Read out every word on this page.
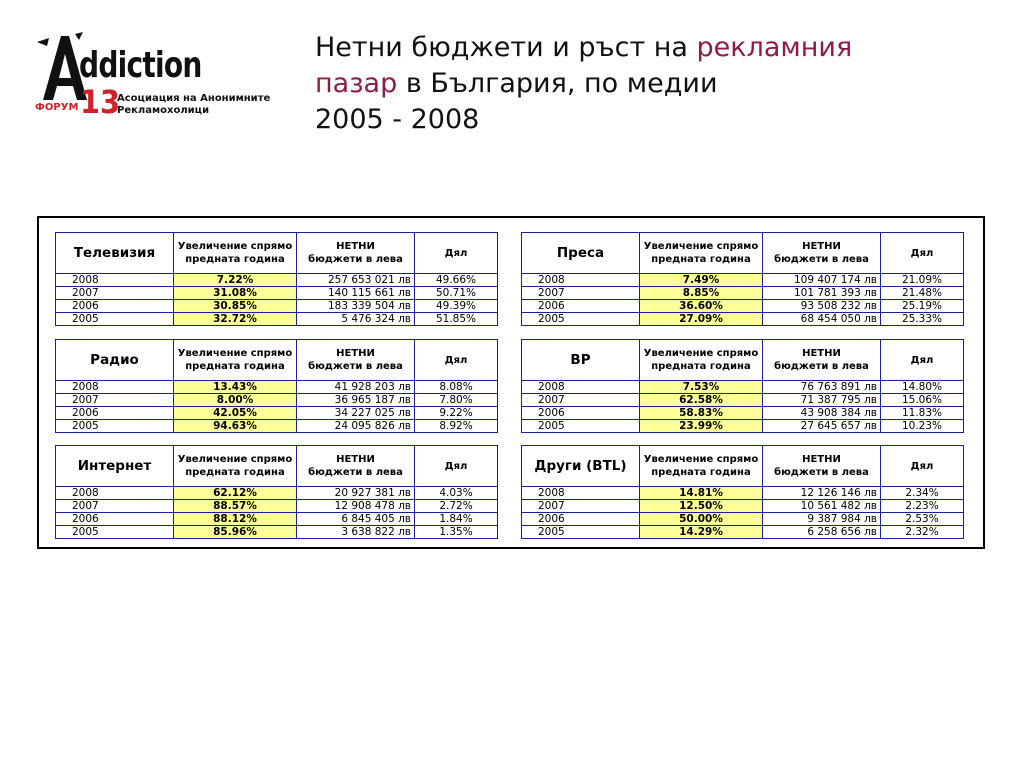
ddiction
ФОРУМ 13
Асоциация на Анонимните
Рекламохолици
Нетни бюджети и ръст на рекламния
пазар в България, по медии
2005 - 2008
Телевизия	Увеличение спрямо предната година	НЕТНИ
бюджети в лева	Дял
2008	7.22%	257 653 021 лв	49.66%
2007	31.08%	140 115 661 лв	50.71%
2006	30.85%	183 339 504 лв	49.39%
2005	32.72%	5 476 324 лв	51.85%
Преса	Увеличение спрямо предната година	НЕТНИ
бюджети в лева	Дял
2008	7.49%	109 407 174 лв	21.09%
2007	8.85%	101 781 393 лв	21.48%
2006	36.60%	93 508 232 лв	25.19%
2005	27.09%	68 454 050 лв	25.33%
Радио	Увеличение спрямо предната година	НЕТНИ
бюджети в лева	Дял
2008	13.43%	41 928 203 лв	8.08%
2007	8.00%	36 965 187 лв	7.80%
2006	42.05%	34 227 025 лв	9.22%
2005	94.63%	24 095 826 лв	8.92%
BP	Увеличение спрямо предната година	НЕТНИ
бюджети в лева	Дял
2008	7.53%	76 763 891 лв	14.80%
2007	62.58%	71 387 795 лв	15.06%
2006	58.83%	43 908 384 лв	11.83%
2005	23.99%	27 645 657 лв	10.23%
Интернет	Увеличение спрямо предната година	НЕТНИ
бюджети в лева	Дял
2008	62.12%	20 927 381 лв	4.03%
2007	88.57%	12 908 478 лв	2.72%
2006	88.12%	6 845 405 лв	1.84%
2005	85.96%	3 638 822 лв	1.35%
Други (BTL)	Увеличение спрямо предната година	НЕТНИ
бюджети в лева	Дял
2008	14.81%	12 126 146 лв	2.34%
2007	12.50%	10 561 482 лв	2.23%
2006	50.00%	9 387 984 лв	2.53%
2005	14.29%	6 258 656 лв	2.32%
